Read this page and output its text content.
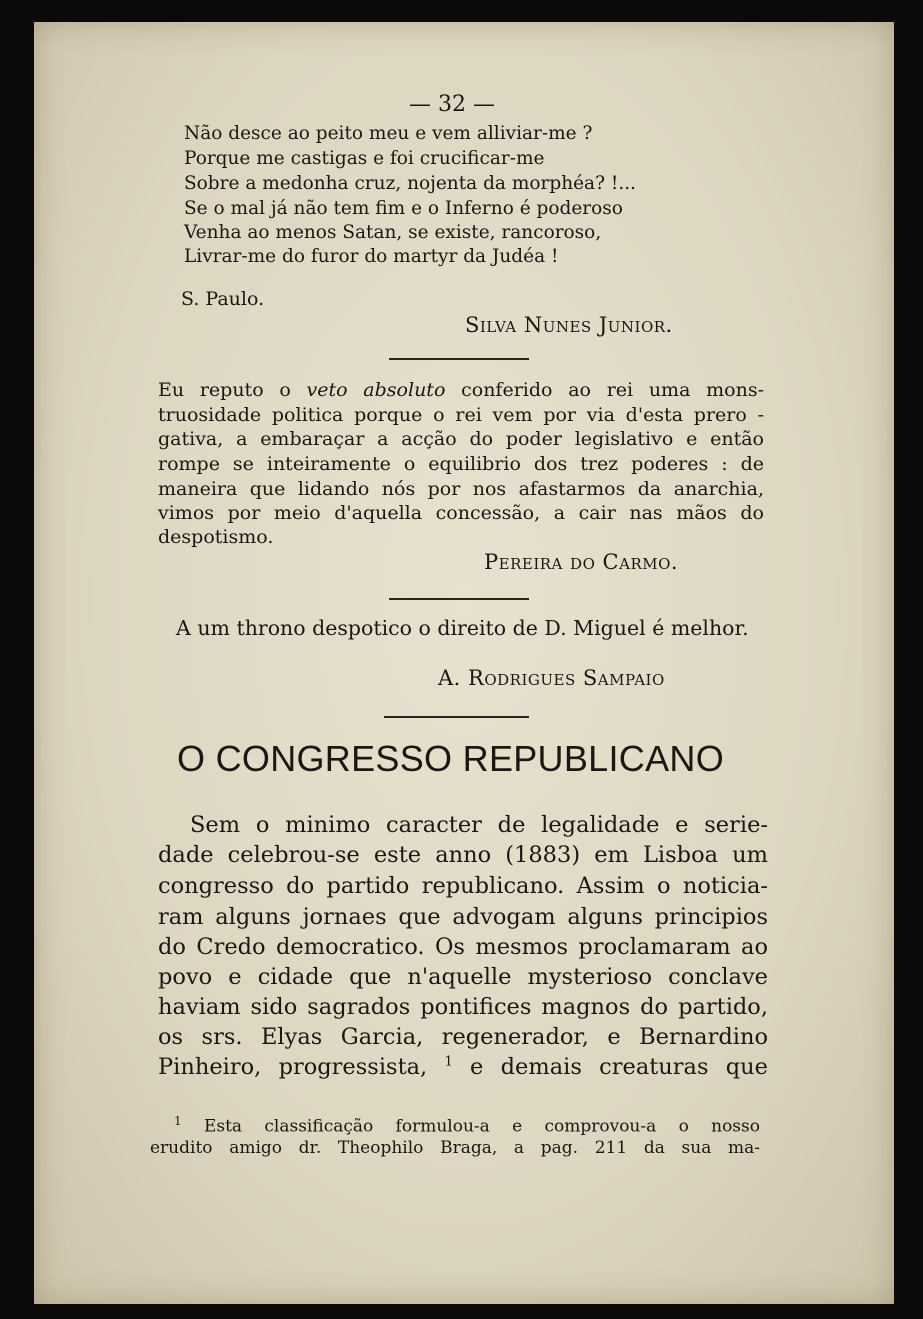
— 32 —
Não desce ao peito meu e vem alliviar-me ?
Porque me castigas e foi crucificar-me
Sobre a medonha cruz, nojenta da morphéa? !...
Se o mal já não tem fim e o Inferno é poderoso
Venha ao menos Satan, se existe, rancoroso,
Livrar-me do furor do martyr da Judéa !
S. Paulo.
Silva Nunes Junior.
Eu reputo o veto absoluto conferido ao rei uma mons-
truosidade politica porque o rei vem por via d'esta prero -
gativa, a embaraçar a acção do poder legislativo e então
rompe se inteiramente o equilibrio dos trez poderes : de
maneira que lidando nós por nos afastarmos da anarchia,
vimos por meio d'aquella concessão, a cair nas mãos do
despotismo.
Pereira do Carmo.
A um throno despotico o direito de D. Miguel é melhor.
A. Rodrigues Sampaio
O CONGRESSO REPUBLICANO
Sem o minimo caracter de legalidade e serie-
dade celebrou-se este anno (1883) em Lisboa um
congresso do partido republicano. Assim o noticia-
ram alguns jornaes que advogam alguns principios
do Credo democratico. Os mesmos proclamaram ao
povo e cidade que n'aquelle mysterioso conclave
haviam sido sagrados pontifices magnos do partido,
os srs. Elyas Garcia, regenerador, e Bernardino
Pinheiro, progressista, $^1$ e demais creaturas que
$^1$ Esta classificação formulou-a e comprovou-a o nosso
erudito amigo dr. Theophilo Braga, a pag. 211 da sua ma-
